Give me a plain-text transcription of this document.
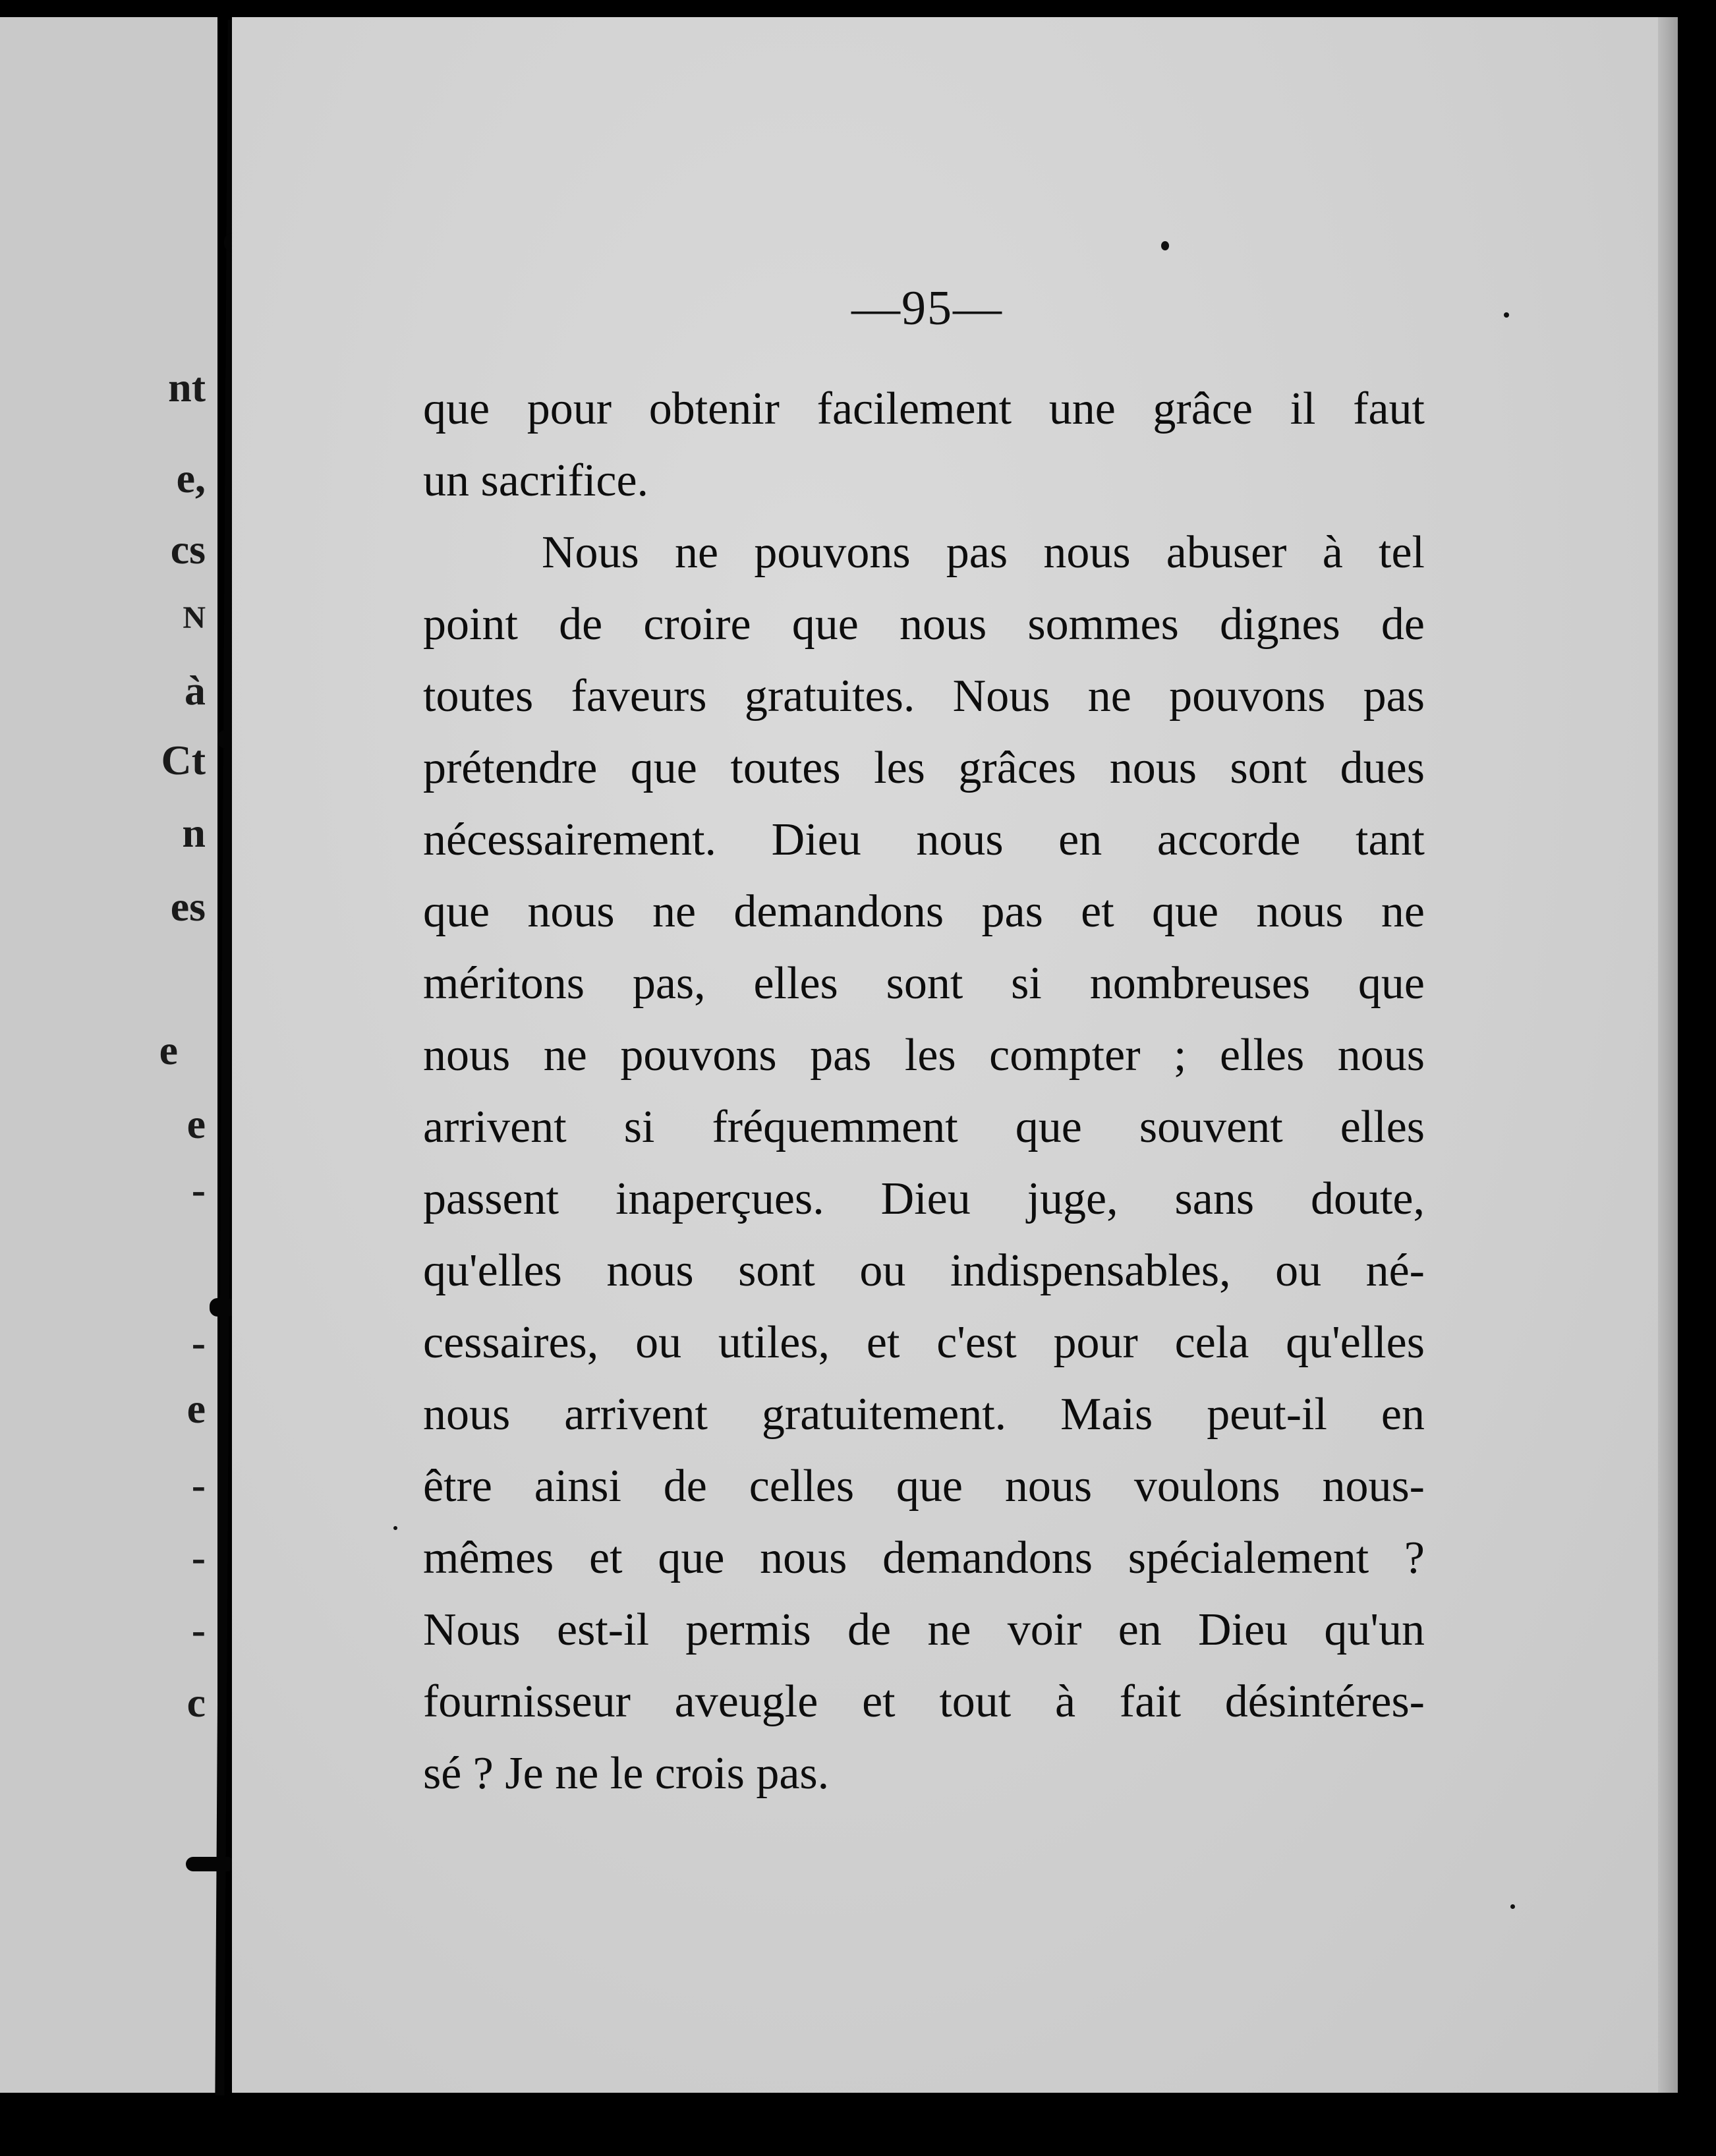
nt
e,
cs
N
à
Ct
n
es
e
e
-
-
e
-
-
-
c
—95—
que pour obtenir facilement une grâce il faut
un sacrifice.
Nous ne pouvons pas nous abuser à tel
point de croire que nous sommes dignes de
toutes faveurs gratuites. Nous ne pouvons pas
prétendre que toutes les grâces nous sont dues
nécessairement. Dieu nous en accorde tant
que nous ne demandons pas et que nous ne
méritons pas, elles sont si nombreuses que
nous ne pouvons pas les compter ; elles nous
arrivent si fréquemment que souvent elles
passent inaperçues. Dieu juge, sans doute,
qu'elles nous sont ou indispensables, ou né-
cessaires, ou utiles, et c'est pour cela qu'elles
nous arrivent gratuitement. Mais peut-il en
être ainsi de celles que nous voulons nous-
mêmes et que nous demandons spécialement ?
Nous est-il permis de ne voir en Dieu qu'un
fournisseur aveugle et tout à fait désintéres-
sé ? Je ne le crois pas.
